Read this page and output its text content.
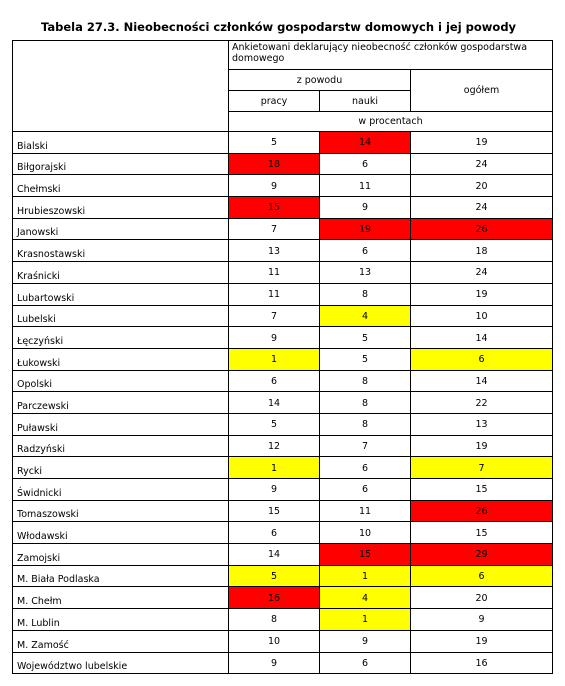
Tabela 27.3. Nieobecności członków gospodarstw domowych i jej powody
	Ankietowani deklarujący nieobecność członków gospodarstwa domowego		
	z powodu		ogółem
	pracy	nauki	
	w procentach		
Bialski	5	14	19
Biłgorajski	18	6	24
Chełmski	9	11	20
Hrubieszowski	15	9	24
Janowski	7	19	26
Krasnostawski	13	6	18
Kraśnicki	11	13	24
Lubartowski	11	8	19
Lubelski	7	4	10
Łęczyński	9	5	14
Łukowski	1	5	6
Opolski	6	8	14
Parczewski	14	8	22
Puławski	5	8	13
Radzyński	12	7	19
Rycki	1	6	7
Świdnicki	9	6	15
Tomaszowski	15	11	26
Włodawski	6	10	15
Zamojski	14	15	29
M. Biała Podlaska	5	1	6
M. Chełm	16	4	20
M. Lublin	8	1	9
M. Zamość	10	9	19
Województwo lubelskie	9	6	16
